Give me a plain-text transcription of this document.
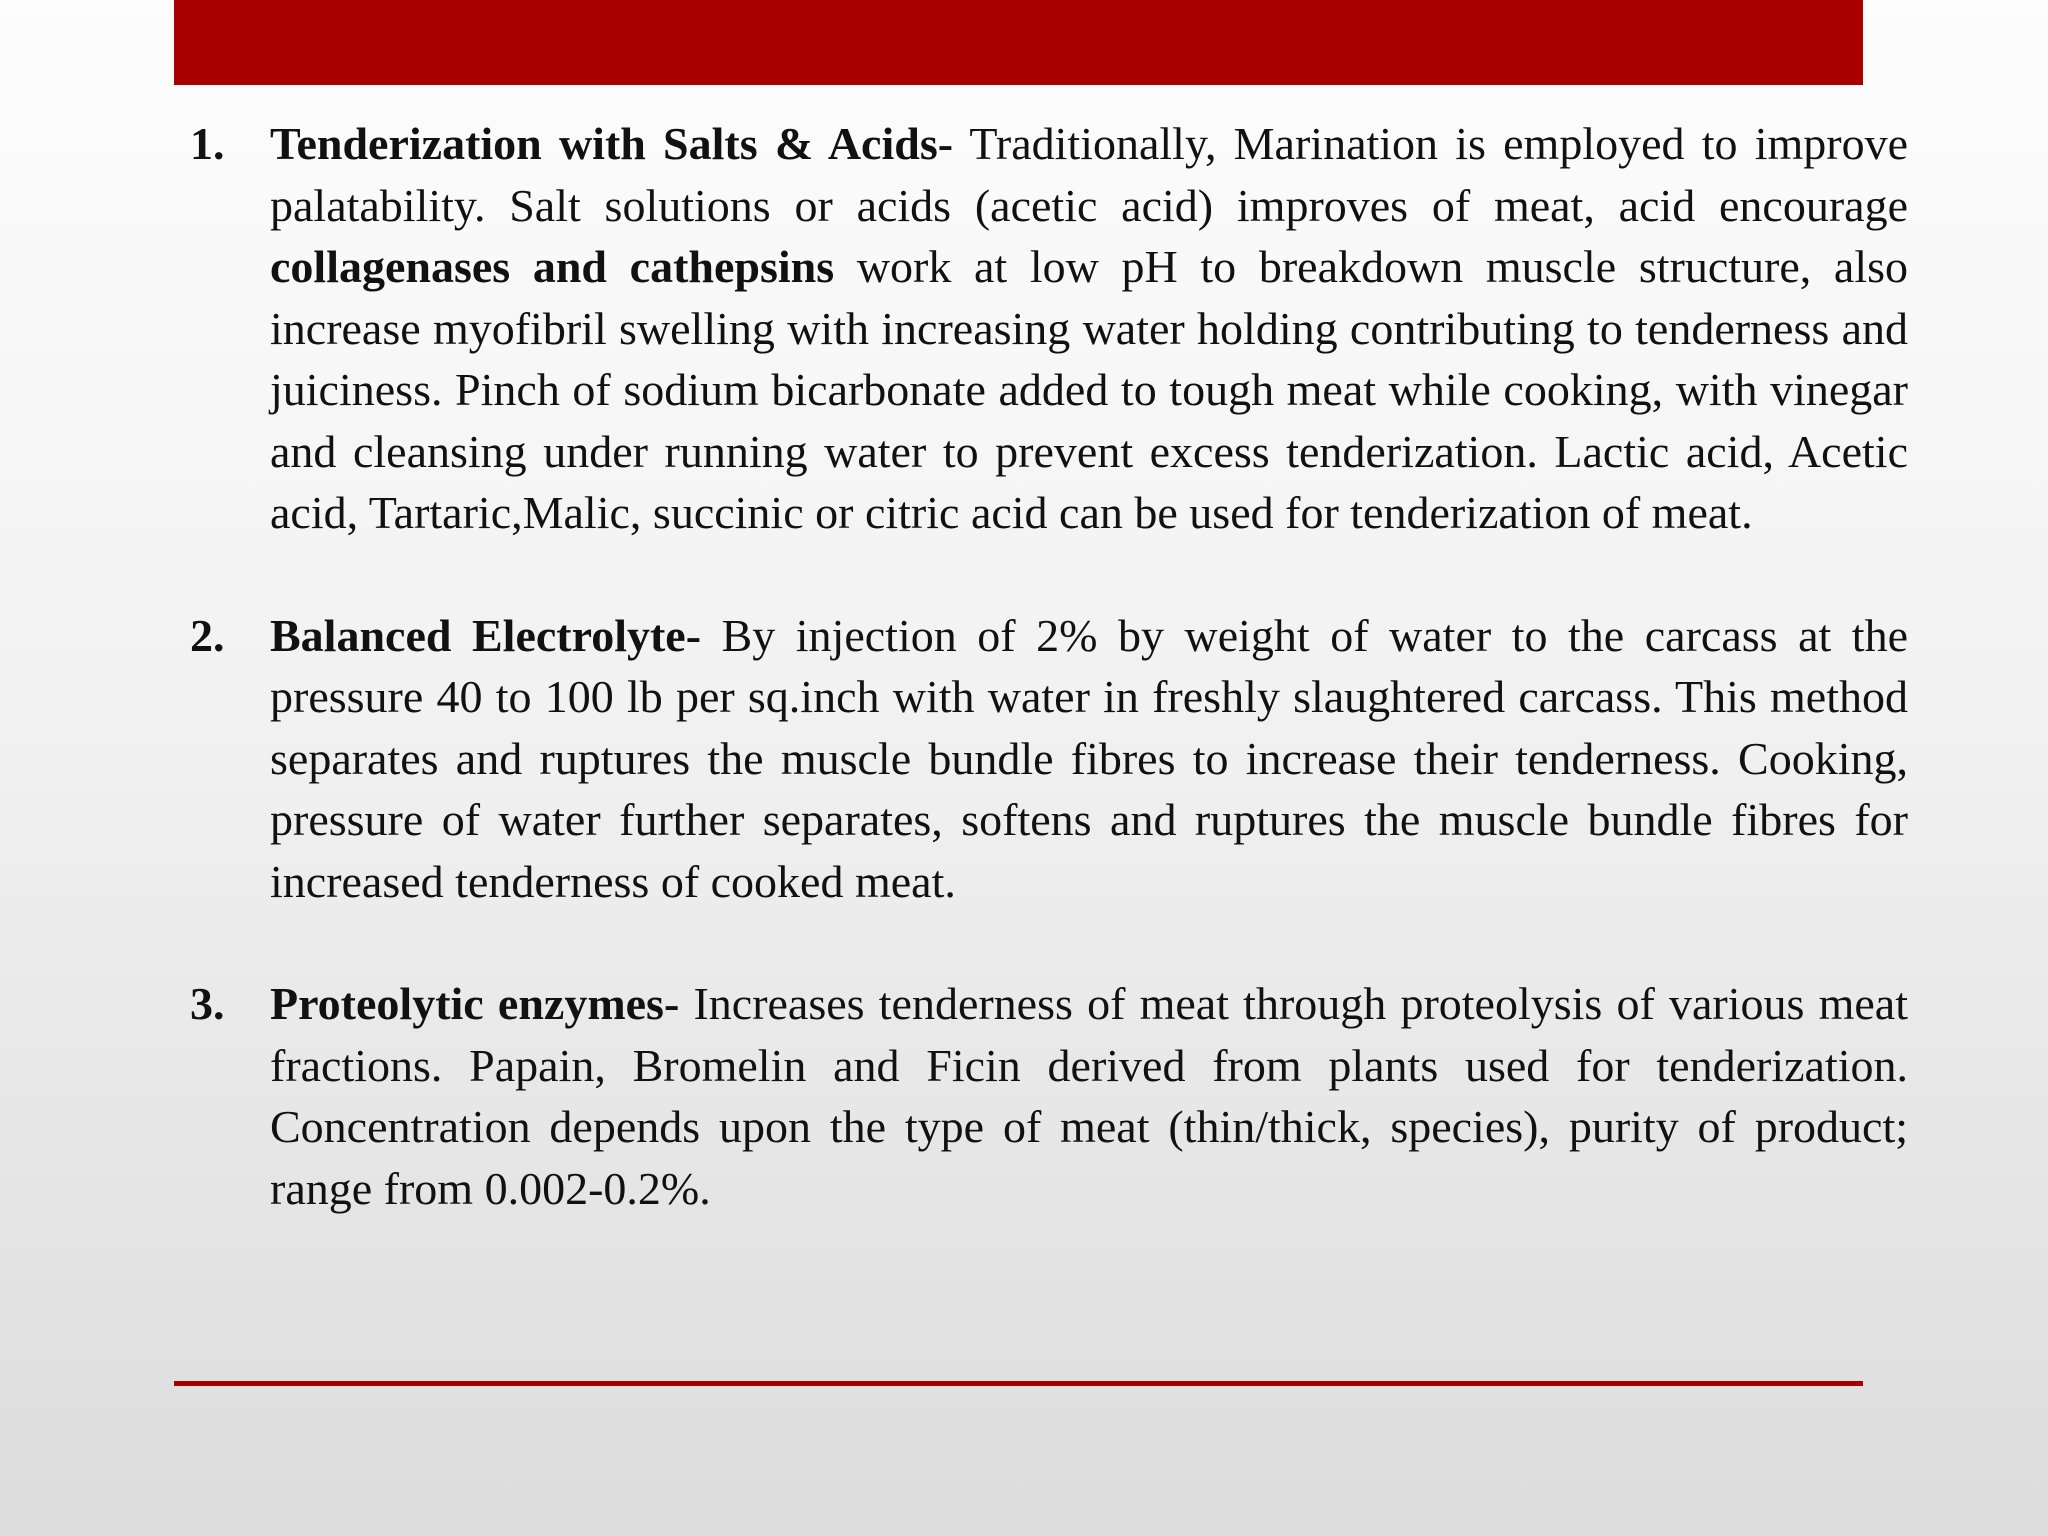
1. Tenderization with Salts & Acids- Traditionally, Marination is employed to improve palatability. Salt solutions or acids (acetic acid) improves of meat, acid encourage collagenases and cathepsins work at low pH to breakdown muscle structure, also increase myofibril swelling with increasing water holding contributing to tenderness and juiciness. Pinch of sodium bicarbonate added to tough meat while cooking, with vinegar and cleansing under running water to prevent excess tenderization. Lactic acid, Acetic acid, Tartaric,Malic, succinic or citric acid can be used for tenderization of meat.
2. Balanced Electrolyte- By injection of 2% by weight of water to the carcass at the pressure 40 to 100 lb per sq.inch with water in freshly slaughtered carcass. This method separates and ruptures the muscle bundle fibres to increase their tenderness. Cooking, pressure of water further separates, softens and ruptures the muscle bundle fibres for increased tenderness of cooked meat.
3. Proteolytic enzymes- Increases tenderness of meat through proteolysis of various meat fractions. Papain, Bromelin and Ficin derived from plants used for tenderization. Concentration depends upon the type of meat (thin/thick, species), purity of product; range from 0.002-0.2%.
